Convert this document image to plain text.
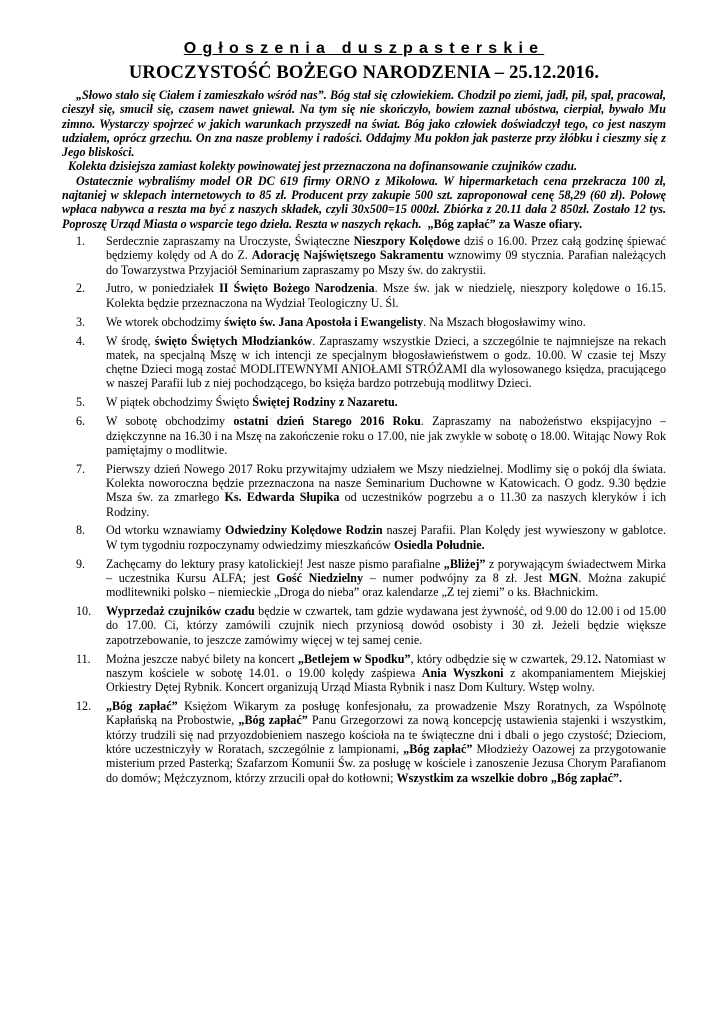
Ogłoszenia duszpasterskie
UROCZYSTOŚĆ BOŻEGO NARODZENIA – 25.12.2016.

„Słowo stało się Ciałem i zamieszkało wśród nas”. Bóg stał się człowiekiem. Chodził po ziemi, jadł, pił, spał, pracował, cieszył się, smucił się, czasem nawet gniewał. Na tym się nie skończyło, bowiem zaznał ubóstwa, cierpiał, bywało Mu zimno. Wystarczy spojrzeć w jakich warunkach przyszedł na świat. Bóg jako człowiek doświadczył tego, co jest naszym udziałem, oprócz grzechu. On zna nasze problemy i radości. Oddajmy Mu pokłon jak pasterze przy żłóbku i cieszmy się z Jego bliskości.

Kolekta dzisiejsza zamiast kolekty powinowatej jest przeznaczona na dofinansowanie czujników czadu.

Ostatecznie wybraliśmy model OR DC 619 firmy ORNO z Mikołowa. W hipermarketach cena przekracza 100 zł, najtaniej w sklepach internetowych to 85 zł. Producent przy zakupie 500 szt. zaproponował cenę 58,29 (60 zł). Połowę wpłaca nabywca a reszta ma być z naszych składek, czyli 30x500=15 000zł. Zbiórka z 20.11 dała 2 850zł. Zostało 12 tys. Poproszę Urząd Miasta o wsparcie tego dzieła. Reszta w naszych rękach. „Bóg zapłać” za Wasze ofiary.

1. Serdecznie zapraszamy na Uroczyste, Świąteczne Nieszpory Kolędowe dziś o 16.00. Przez całą godzinę śpiewać będziemy kolędy od A do Z. Adorację Najświętszego Sakramentu wznowimy 09 stycznia. Parafian należących do Towarzystwa Przyjaciół Seminarium zapraszamy po Mszy św. do zakrystii.
2. Jutro, w poniedziałek II Święto Bożego Narodzenia. Msze św. jak w niedzielę, nieszpory kolędowe o 16.15. Kolekta będzie przeznaczona na Wydział Teologiczny U. Śl.
3. We wtorek obchodzimy święto św. Jana Apostoła i Ewangelisty. Na Mszach błogosławimy wino.
4. W środę, święto Świętych Młodzianków. Zapraszamy wszystkie Dzieci, a szczególnie te najmniejsze na rekach matek, na specjalną Mszę w ich intencji ze specjalnym błogosławieństwem o godz. 10.00. W czasie tej Mszy chętne Dzieci mogą zostać MODLITEWNYMI ANIOŁAMI STRÓŻAMI dla wylosowanego księdza, pracującego w naszej Parafii lub z niej pochodzącego, bo księża bardzo potrzebują modlitwy Dzieci.
5. W piątek obchodzimy Święto Świętej Rodziny z Nazaretu.
6. W sobotę obchodzimy ostatni dzień Starego 2016 Roku. Zapraszamy na nabożeństwo ekspijacyjno – dziękczynne na 16.30 i na Mszę na zakończenie roku o 17.00, nie jak zwykle w sobotę o 18.00. Witając Nowy Rok pamiętajmy o modlitwie.
7. Pierwszy dzień Nowego 2017 Roku przywitajmy udziałem we Mszy niedzielnej. Modlimy się o pokój dla świata. Kolekta noworoczna będzie przeznaczona na nasze Seminarium Duchowne w Katowicach. O godz. 9.30 będzie Msza św. za zmarłego Ks. Edwarda Słupika od uczestników pogrzebu a o 11.30 za naszych kleryków i ich Rodziny.
8. Od wtorku wznawiamy Odwiedziny Kolędowe Rodzin naszej Parafii. Plan Kolędy jest wywieszony w gablotce. W tym tygodniu rozpoczynamy odwiedzimy mieszkańców Osiedla Południe.
9. Zachęcamy do lektury prasy katolickiej! Jest nasze pismo parafialne „Bliżej” z porywającym świadectwem Mirka – uczestnika Kursu ALFA; jest Gość Niedzielny – numer podwójny za 8 zł. Jest MGN. Można zakupić modlitewniki polsko – niemieckie „Droga do nieba” oraz kalendarze „Z tej ziemi” o ks. Błachnickim.
10. Wyprzedaż czujników czadu będzie w czwartek, tam gdzie wydawana jest żywność, od 9.00 do 12.00 i od 15.00 do 17.00. Ci, którzy zamówili czujnik niech przyniosą dowód osobisty i 30 zł. Jeżeli będzie większe zapotrzebowanie, to jeszcze zamówimy więcej w tej samej cenie.
11. Można jeszcze nabyć bilety na koncert „Betlejem w Spodku”, który odbędzie się w czwartek, 29.12. Natomiast w naszym kościele w sobotę 14.01. o 19.00 kolędy zaśpiewa Ania Wyszkoni z akompaniamentem Miejskiej Orkiestry Dętej Rybnik. Koncert organizują Urząd Miasta Rybnik i nasz Dom Kultury. Wstęp wolny.
12. „Bóg zapłać” Księżom Wikarym za posługę konfesjonału, za prowadzenie Mszy Roratnych, za Wspólnotę Kapłańską na Probostwie, „Bóg zapłać” Panu Grzegorzowi za nową koncepcję ustawienia stajenki i wszystkim, którzy trudzili się nad przyozdobieniem naszego kościoła na te świąteczne dni i dbali o jego czystość; Dzieciom, które uczestniczyły w Roratach, szczególnie z lampionami, „Bóg zapłać” Młodzieży Oazowej za przygotowanie misterium przed Pasterką; Szafarzom Komunii Św. za posługę w kościele i zanoszenie Jezusa Chorym Parafianom do domów; Mężczyznom, którzy zrzucili opał do kotłowni; Wszystkim za wszelkie dobro „Bóg zapłać”.
